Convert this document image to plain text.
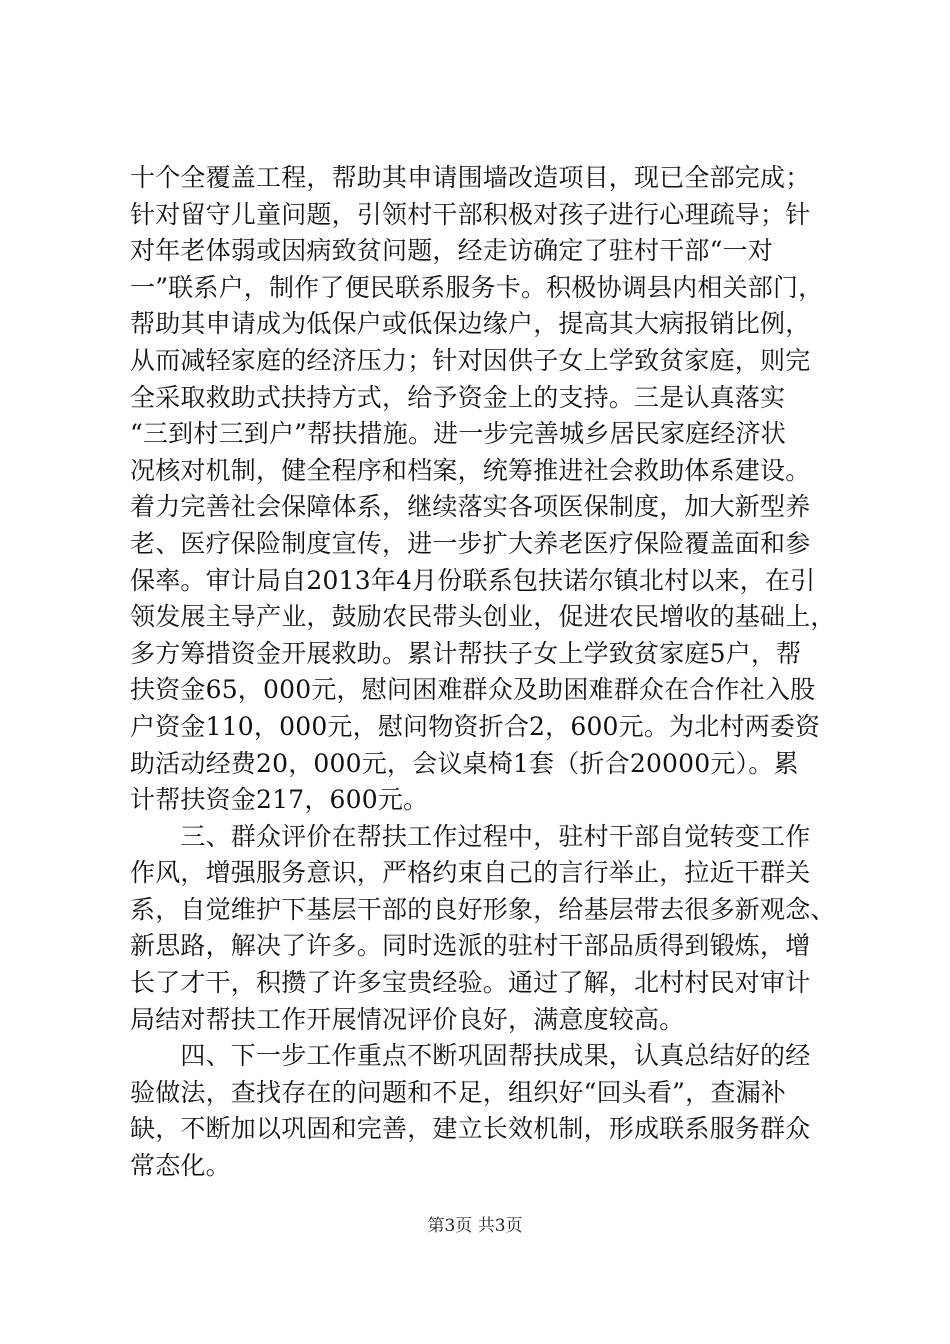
十个全覆盖工程，帮助其申请围墙改造项目，现已全部完成；
针对留守儿童问题，引领村干部积极对孩子进行心理疏导；针
对年老体弱或因病致贫问题，经走访确定了驻村干部“一对
一”联系户，制作了便民联系服务卡。积极协调县内相关部门，
帮助其申请成为低保户或低保边缘户，提高其大病报销比例，
从而减轻家庭的经济压力；针对因供子女上学致贫家庭，则完
全采取救助式扶持方式，给予资金上的支持。三是认真落实
“三到村三到户”帮扶措施。进一步完善城乡居民家庭经济状
况核对机制，健全程序和档案，统筹推进社会救助体系建设。
着力完善社会保障体系，继续落实各项医保制度，加大新型养
老、医疗保险制度宣传，进一步扩大养老医疗保险覆盖面和参
保率。审计局自2013年4月份联系包扶诺尔镇北村以来，在引
领发展主导产业，鼓励农民带头创业，促进农民增收的基础上，
多方筹措资金开展救助。累计帮扶子女上学致贫家庭5户，帮
扶资金65，000元，慰问困难群众及助困难群众在合作社入股
户资金110，000元，慰问物资折合2，600元。为北村两委资
助活动经费20，000元，会议桌椅1套（折合20000元）。累
计帮扶资金217，600元。
　　三、群众评价在帮扶工作过程中，驻村干部自觉转变工作
作风，增强服务意识，严格约束自己的言行举止，拉近干群关
系，自觉维护下基层干部的良好形象，给基层带去很多新观念、
新思路，解决了许多。同时选派的驻村干部品质得到锻炼，增
长了才干，积攒了许多宝贵经验。通过了解，北村村民对审计
局结对帮扶工作开展情况评价良好，满意度较高。
　　四、下一步工作重点不断巩固帮扶成果，认真总结好的经
验做法，查找存在的问题和不足，组织好“回头看”，查漏补
缺，不断加以巩固和完善，建立长效机制，形成联系服务群众
常态化。
第3页 共3页
